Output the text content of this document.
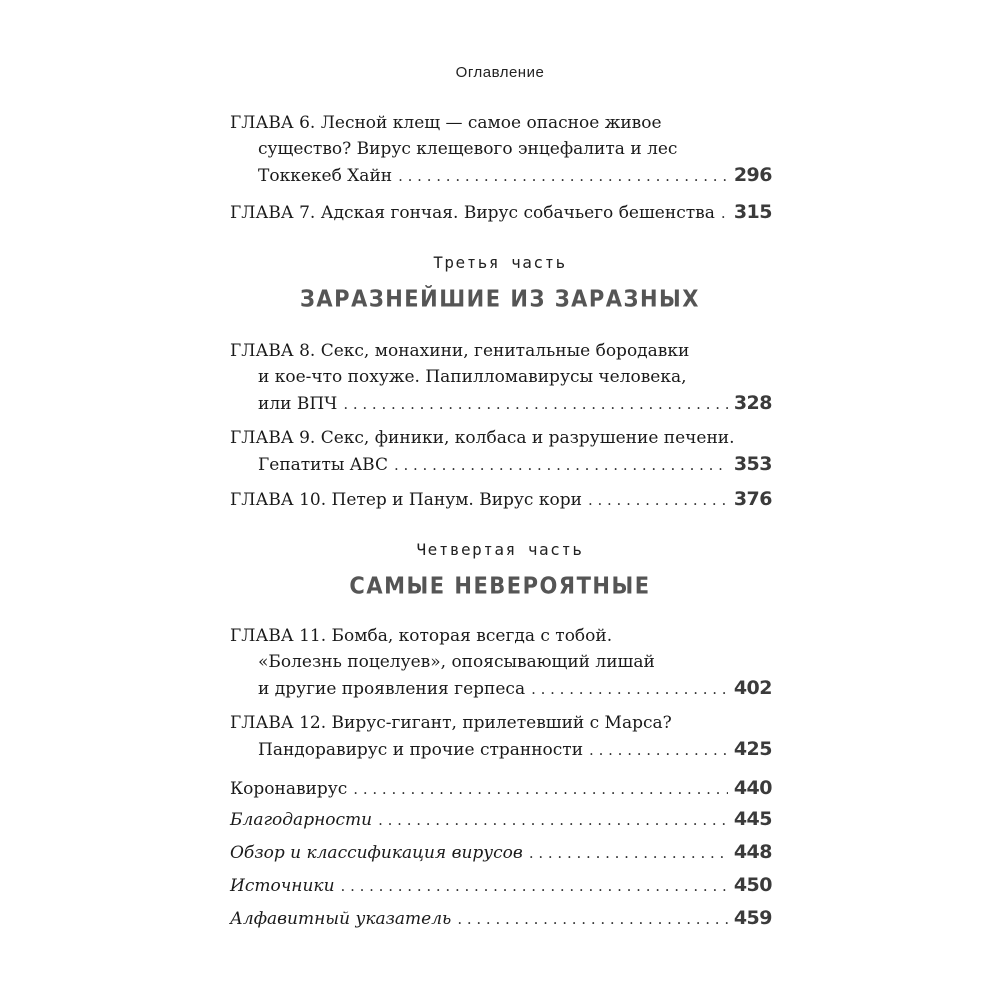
Оглавление
ГЛАВА 6. Лесной клещ — самое опасное живое
существо? Вирус клещевого энцефалита и лес
Токкекеб Хайн . . .	296
ГЛАВА 7. Адская гончая. Вирус собачьего бешенства . . . 315
Третья часть
ЗАРАЗНЕЙШИЕ ИЗ ЗАРАЗНЫХ
ГЛАВА 8. Секс, монахини, генитальные бородавки
и кое-что похуже. Папилломавирусы человека,
или ВПЧ . . .	328
ГЛАВА 9. Секс, финики, колбаса и разрушение печени.
Гепатиты ABC . . .	353
ГЛАВА 10. Петер и Панум. Вирус кори . . .	376
Четвертая часть
САМЫЕ НЕВЕРОЯТНЫЕ
ГЛАВА 11. Бомба, которая всегда с тобой.
«Болезнь поцелуев», опоясывающий лишай
и другие проявления герпеса . . .	402
ГЛАВА 12. Вирус-гигант, прилетевший с Марса?
Пандоравирус и прочие странности . . .	425
Коронавирус . . .	440
Благодарности . . .	445
Обзор и классификация вирусов . . .	448
Источники . . .	450
Алфавитный указатель . . .	459
